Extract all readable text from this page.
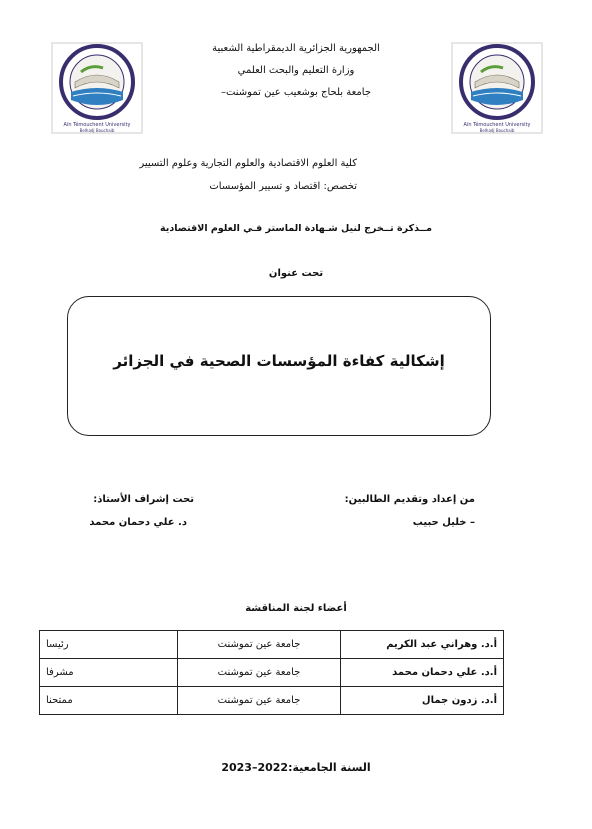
Aïn Témouchent University
Belhadj Bouchaib
Aïn Témouchent University
Belhadj Bouchaib
الجمهورية الجزائرية الديمقراطية الشعبية
وزارة التعليم والبحث العلمي
جامعة بلحاج بوشعيب عين تموشنت–
كلية العلوم الاقتصادية والعلوم التجارية وعلوم التسيير
تخصص: اقتصاد و تسيير المؤسسات
مــذكرة تــخرج لنيل شـهادة الماستر فـي العلوم الاقتصادية
تحت عنوان
إشكالية كفاءة المؤسسات الصحية في الجزائر
من إعداد وتقديم الطالبين:
– خليل حبيب
تحت إشراف الأستاذ:
د. علي دحمان محمد
أعضاء لجنة المناقشة
أ.د. وهراني عبد الكريم	جامعة عين تموشنت	رئيسا
أ.د. علي دحمان محمد	جامعة عين تموشنت	مشرفا
أ.د. زدون جمال	جامعة عين تموشنت	ممتحنا
السنة الجامعية:2022–2023
